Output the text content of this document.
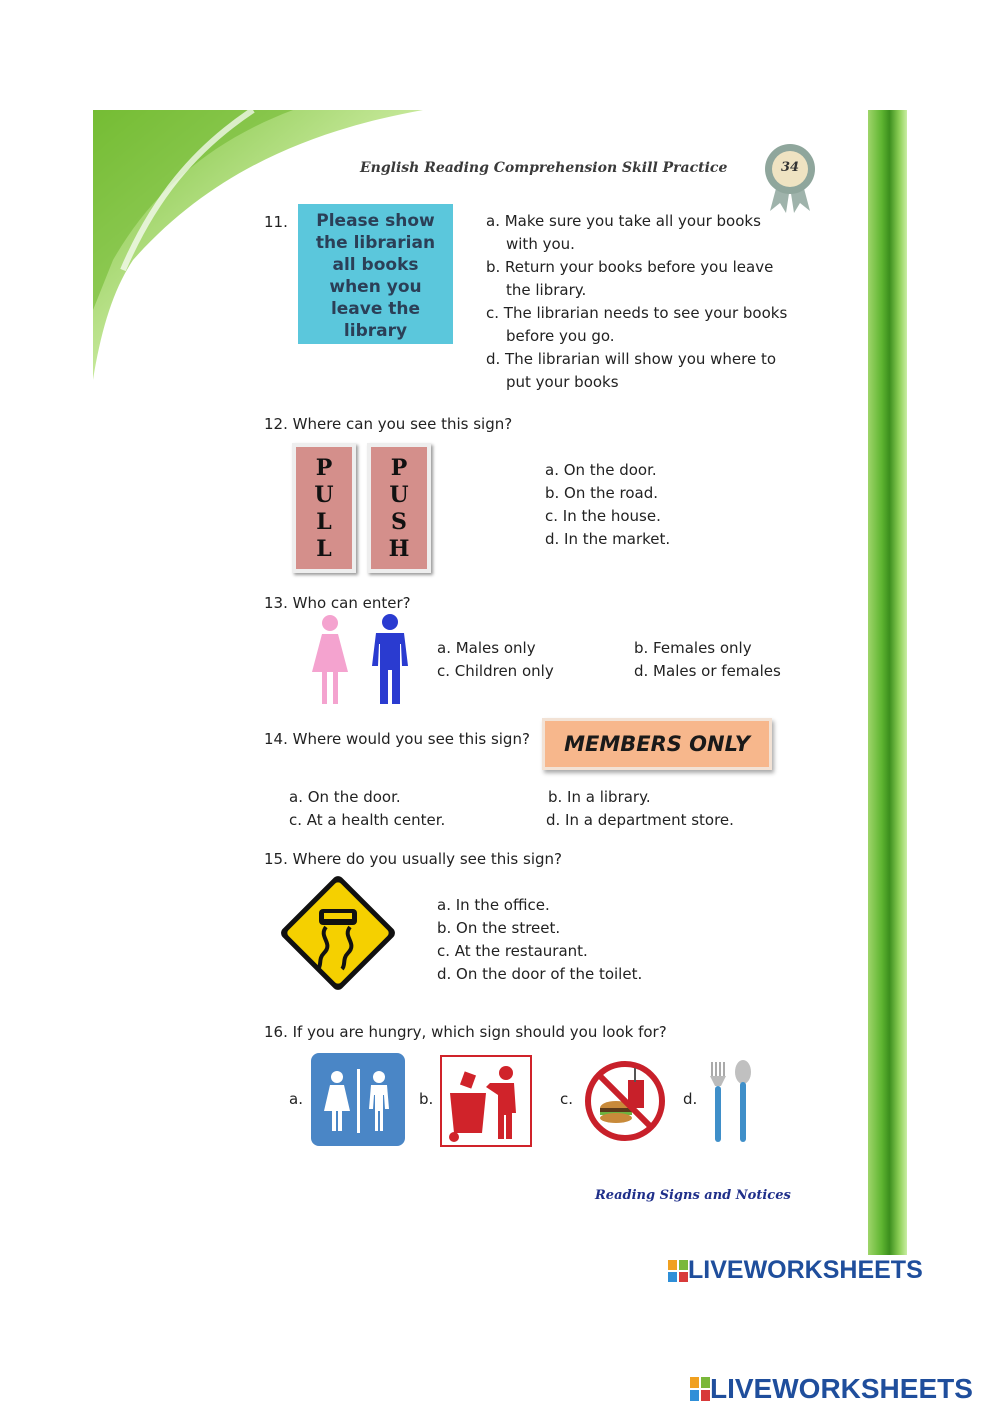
English Reading Comprehension Skill Practice	34
11.	Please show
the librarian
all books
when you
leave the
library
a. Make sure you take all your books
with you.
b. Return your books before you leave
the library.
c. The librarian needs to see your books
before you go.
d. The librarian will show you where to
put your books
12. Where can you see this sign?
P
U
L
L
P
U
S
H
a. On the door.
b. On the road.
c. In the house.
d. In the market.
13. Who can enter?
a. Males only	b. Females only
c. Children only	d. Males or females
14. Where would you see this sign?	MEMBERS ONLY
a. On the door.	b. In a library.
c. At a health center.	d. In a department store.
15. Where do you usually see this sign?
a. In the office.
b. On the street.
c. At the restaurant.
d. On the door of the toilet.
16. If you are hungry, which sign should you look for?
a.	b.	c.	d.
Reading Signs and Notices
LIVEWORKSHEETS
LIVEWORKSHEETS
